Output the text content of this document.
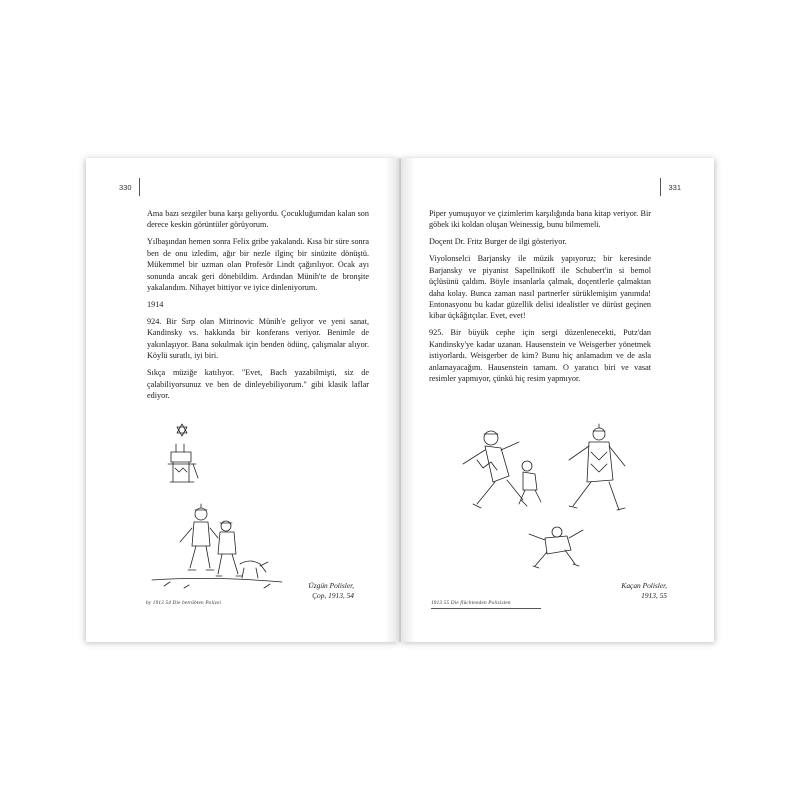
330

Ama bazı sezgiler buna karşı geliyordu. Çocukluğumdan kalan son derece keskin görüntüler görüyorum.

Yılbaşından hemen sonra Felix gribe yakalandı. Kısa bir süre sonra ben de onu izledim, ağır bir nezle ilginç bir sinüzite dönüştü. Mükemmel bir uzman olan Profesör Lindt çağırılıyor. Ocak ayı sonunda ancak geri dönebildim. Ardından Münih'te de bronşite yakalandım. Nihayet bittiyor ve iyice dinleniyorum.

1914

924. Bir Sırp olan Mitrinovic Münih'e geliyor ve yeni sanat, Kandinsky vs. hakkında bir konferans veriyor. Benimle de yakınlaşıyor. Bana sokulmak için benden ödünç, çalışmalar alıyor. Köylü suratlı, iyi biri.

Sıkça müziğe katılıyor. "Evet, Bach yazabilmişti, siz de çalabiliyorsunuz ve ben de dinleyebiliyorum." gibi klasik laflar ediyor.

by 1913 54 Die betrübten Polizei
Üzgün Polisler,
Çop, 1913, 54
331

Piper yumuşuyor ve çizimlerim karşılığında bana kitap veriyor. Bir göbek iki koldan oluşan Weinessig, bunu bilmemeli.

Doçent Dr. Fritz Burger de ilgi gösteriyor.

Viyolonselci Barjansky ile müzik yapıyoruz; bir keresinde Barjansky ve piyanist Sapellnikoff ile Schubert'in si bemol üçlüsünü çaldım. Böyle insanlarla çalmak, doçentlerle çalmaktan daha kolay. Bunca zaman nasıl partnerler sürüklemişim yanımda! Entonasyonu bu kadar güzellik delisi idealistler ve dürüst geçinen kibar üçkâğıtçılar. Evet, evet!

925. Bir büyük cephe için sergi düzenlenecekti, Putz'dan Kandinsky'ye kadar uzanan. Hausenstein ve Weisgerber yönetmek istiyorlardı. Weisgerber de kim? Bunu hiç anlamadım ve de asla anlamayacağım. Hausenstein tamam. O yaratıcı biri ve vasat resimler yapmıyor, çünkü hiç resim yapmıyor.

1913 55 Die flüchtenden Polizisten
Kaçan Polisler,
1913, 55
